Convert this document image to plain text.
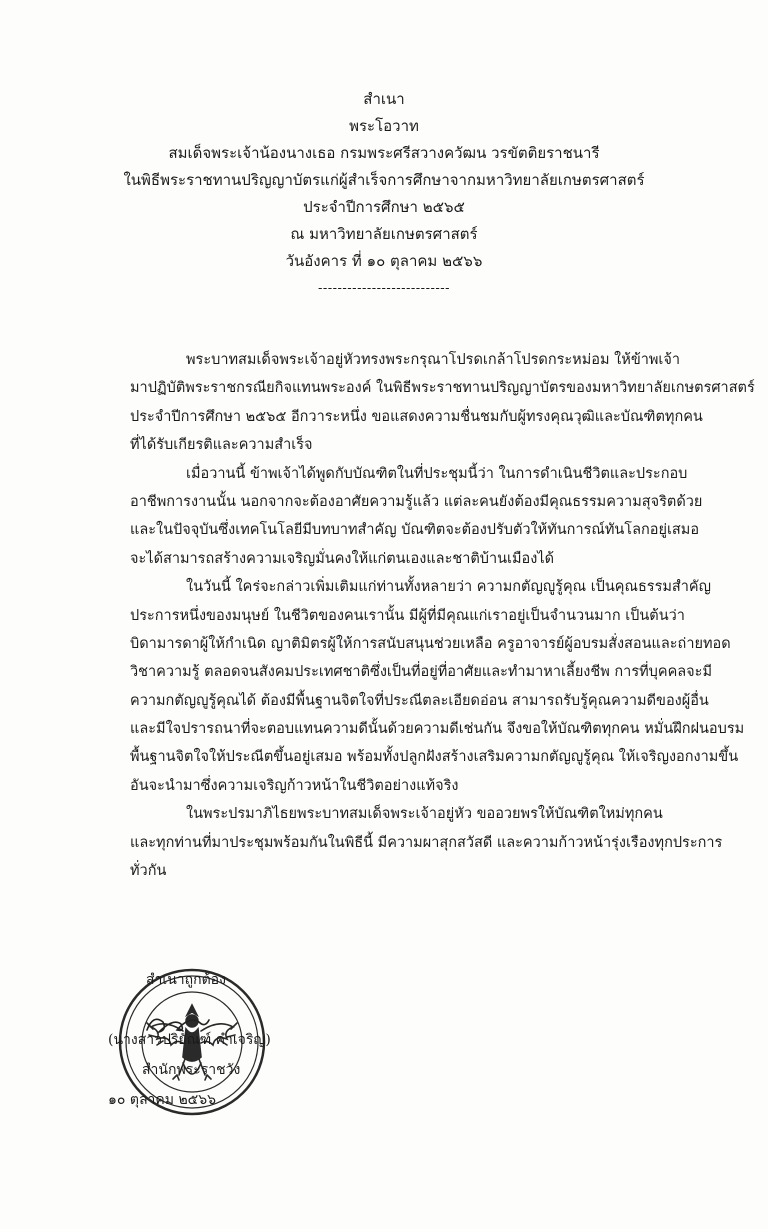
สำเนา
พระโอวาท
สมเด็จพระเจ้าน้องนางเธอ กรมพระศรีสวางควัฒน วรขัตติยราชนารี
ในพิธีพระราชทานปริญญาบัตรแก่ผู้สำเร็จการศึกษาจากมหาวิทยาลัยเกษตรศาสตร์
ประจำปีการศึกษา ๒๕๖๕
ณ มหาวิทยาลัยเกษตรศาสตร์
วันอังคาร ที่ ๑๐ ตุลาคม ๒๕๖๖
---------------------------

พระบาทสมเด็จพระเจ้าอยู่หัวทรงพระกรุณาโปรดเกล้าโปรดกระหม่อม ให้ข้าพเจ้า

มาปฏิบัติพระราชกรณียกิจแทนพระองค์ ในพิธีพระราชทานปริญญาบัตรของมหาวิทยาลัยเกษตรศาสตร์

ประจำปีการศึกษา ๒๕๖๕ อีกวาระหนึ่ง ขอแสดงความชื่นชมกับผู้ทรงคุณวุฒิและบัณฑิตทุกคน

ที่ได้รับเกียรติและความสำเร็จ

เมื่อวานนี้ ข้าพเจ้าได้พูดกับบัณฑิตในที่ประชุมนี้ว่า ในการดำเนินชีวิตและประกอบ

อาชีพการงานนั้น นอกจากจะต้องอาศัยความรู้แล้ว แต่ละคนยังต้องมีคุณธรรมความสุจริตด้วย

และในปัจจุบันซึ่งเทคโนโลยีมีบทบาทสำคัญ บัณฑิตจะต้องปรับตัวให้ทันการณ์ทันโลกอยู่เสมอ

จะได้สามารถสร้างความเจริญมั่นคงให้แก่ตนเองและชาติบ้านเมืองได้

ในวันนี้ ใคร่จะกล่าวเพิ่มเติมแก่ท่านทั้งหลายว่า ความกตัญญูรู้คุณ เป็นคุณธรรมสำคัญ

ประการหนึ่งของมนุษย์ ในชีวิตของคนเรานั้น มีผู้ที่มีคุณแก่เราอยู่เป็นจำนวนมาก เป็นต้นว่า

บิดามารดาผู้ให้กำเนิด ญาติมิตรผู้ให้การสนับสนุนช่วยเหลือ ครูอาจารย์ผู้อบรมสั่งสอนและถ่ายทอด

วิชาความรู้ ตลอดจนสังคมประเทศชาติซึ่งเป็นที่อยู่ที่อาศัยและทำมาหาเลี้ยงชีพ การที่บุคคลจะมี

ความกตัญญูรู้คุณได้ ต้องมีพื้นฐานจิตใจที่ประณีตละเอียดอ่อน สามารถรับรู้คุณความดีของผู้อื่น

และมีใจปรารถนาที่จะตอบแทนความดีนั้นด้วยความดีเช่นกัน จึงขอให้บัณฑิตทุกคน หมั่นฝึกฝนอบรม

พื้นฐานจิตใจให้ประณีตขึ้นอยู่เสมอ พร้อมทั้งปลูกฝังสร้างเสริมความกตัญญูรู้คุณ ให้เจริญงอกงามขึ้น

อันจะนำมาซึ่งความเจริญก้าวหน้าในชีวิตอย่างแท้จริง

ในพระปรมาภิไธยพระบาทสมเด็จพระเจ้าอยู่หัว ขออวยพรให้บัณฑิตใหม่ทุกคน

และทุกท่านที่มาประชุมพร้อมกันในพิธีนี้ มีความผาสุกสวัสดี และความก้าวหน้ารุ่งเรืองทุกประการ

ทั่วกัน

สำเนาถูกต้อง
(นางสาวปริยัณฑ์ คำเจริญ)
สำนักพระราชวัง
๑๐ ตุลาคม ๒๕๖๖
